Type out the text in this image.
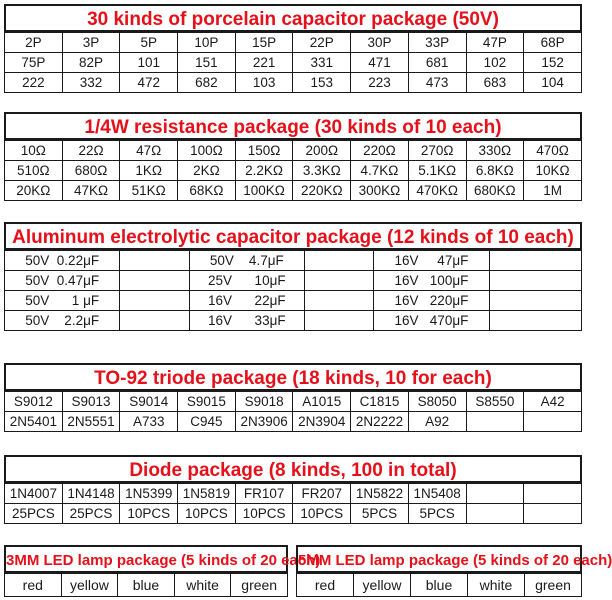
30 kinds of porcelain capacitor package (50V)
2P	3P	5P	10P	15P	22P	30P	33P	47P	68P
75P	82P	101	151	221	331	471	681	102	152
222	332	472	682	103	153	223	473	683	104
1/4W resistance package (30 kinds of 10 each)
10Ω	22Ω	47Ω	100Ω	150Ω	200Ω	220Ω	270Ω	330Ω	470Ω
510Ω	680Ω	1KΩ	2KΩ	2.2KΩ	3.3KΩ	4.7KΩ	5.1KΩ	6.8KΩ	10KΩ
20KΩ	47KΩ	51KΩ	68KΩ	100KΩ	220KΩ	300KΩ	470KΩ	680KΩ	1M
Aluminum electrolytic capacitor package (12 kinds of 10 each)
50V  0.22μF		50V    4.7μF		16V     47μF	
50V  0.47μF		25V      10μF		16V   100μF	
50V      1 μF		16V      22μF		16V   220μF	
50V    2.2μF		16V      33μF		16V   470μF	
TO-92 triode package (18 kinds, 10 for each)
S9012	S9013	S9014	S9015	S9018	A1015	C1815	S8050	S8550	A42
2N5401	2N5551	A733	C945	2N3906	2N3904	2N2222	A92		
Diode package (8 kinds, 100 in total)
1N4007	1N4148	1N5399	1N5819	FR107	FR207	1N5822	1N5408		
25PCS	25PCS	10PCS	10PCS	10PCS	10PCS	5PCS	5PCS		
3MM LED lamp package (5 kinds of 20 each)
red	yellow	blue	white	green
5MM LED lamp package (5 kinds of 20 each)
red	yellow	blue	white	green
